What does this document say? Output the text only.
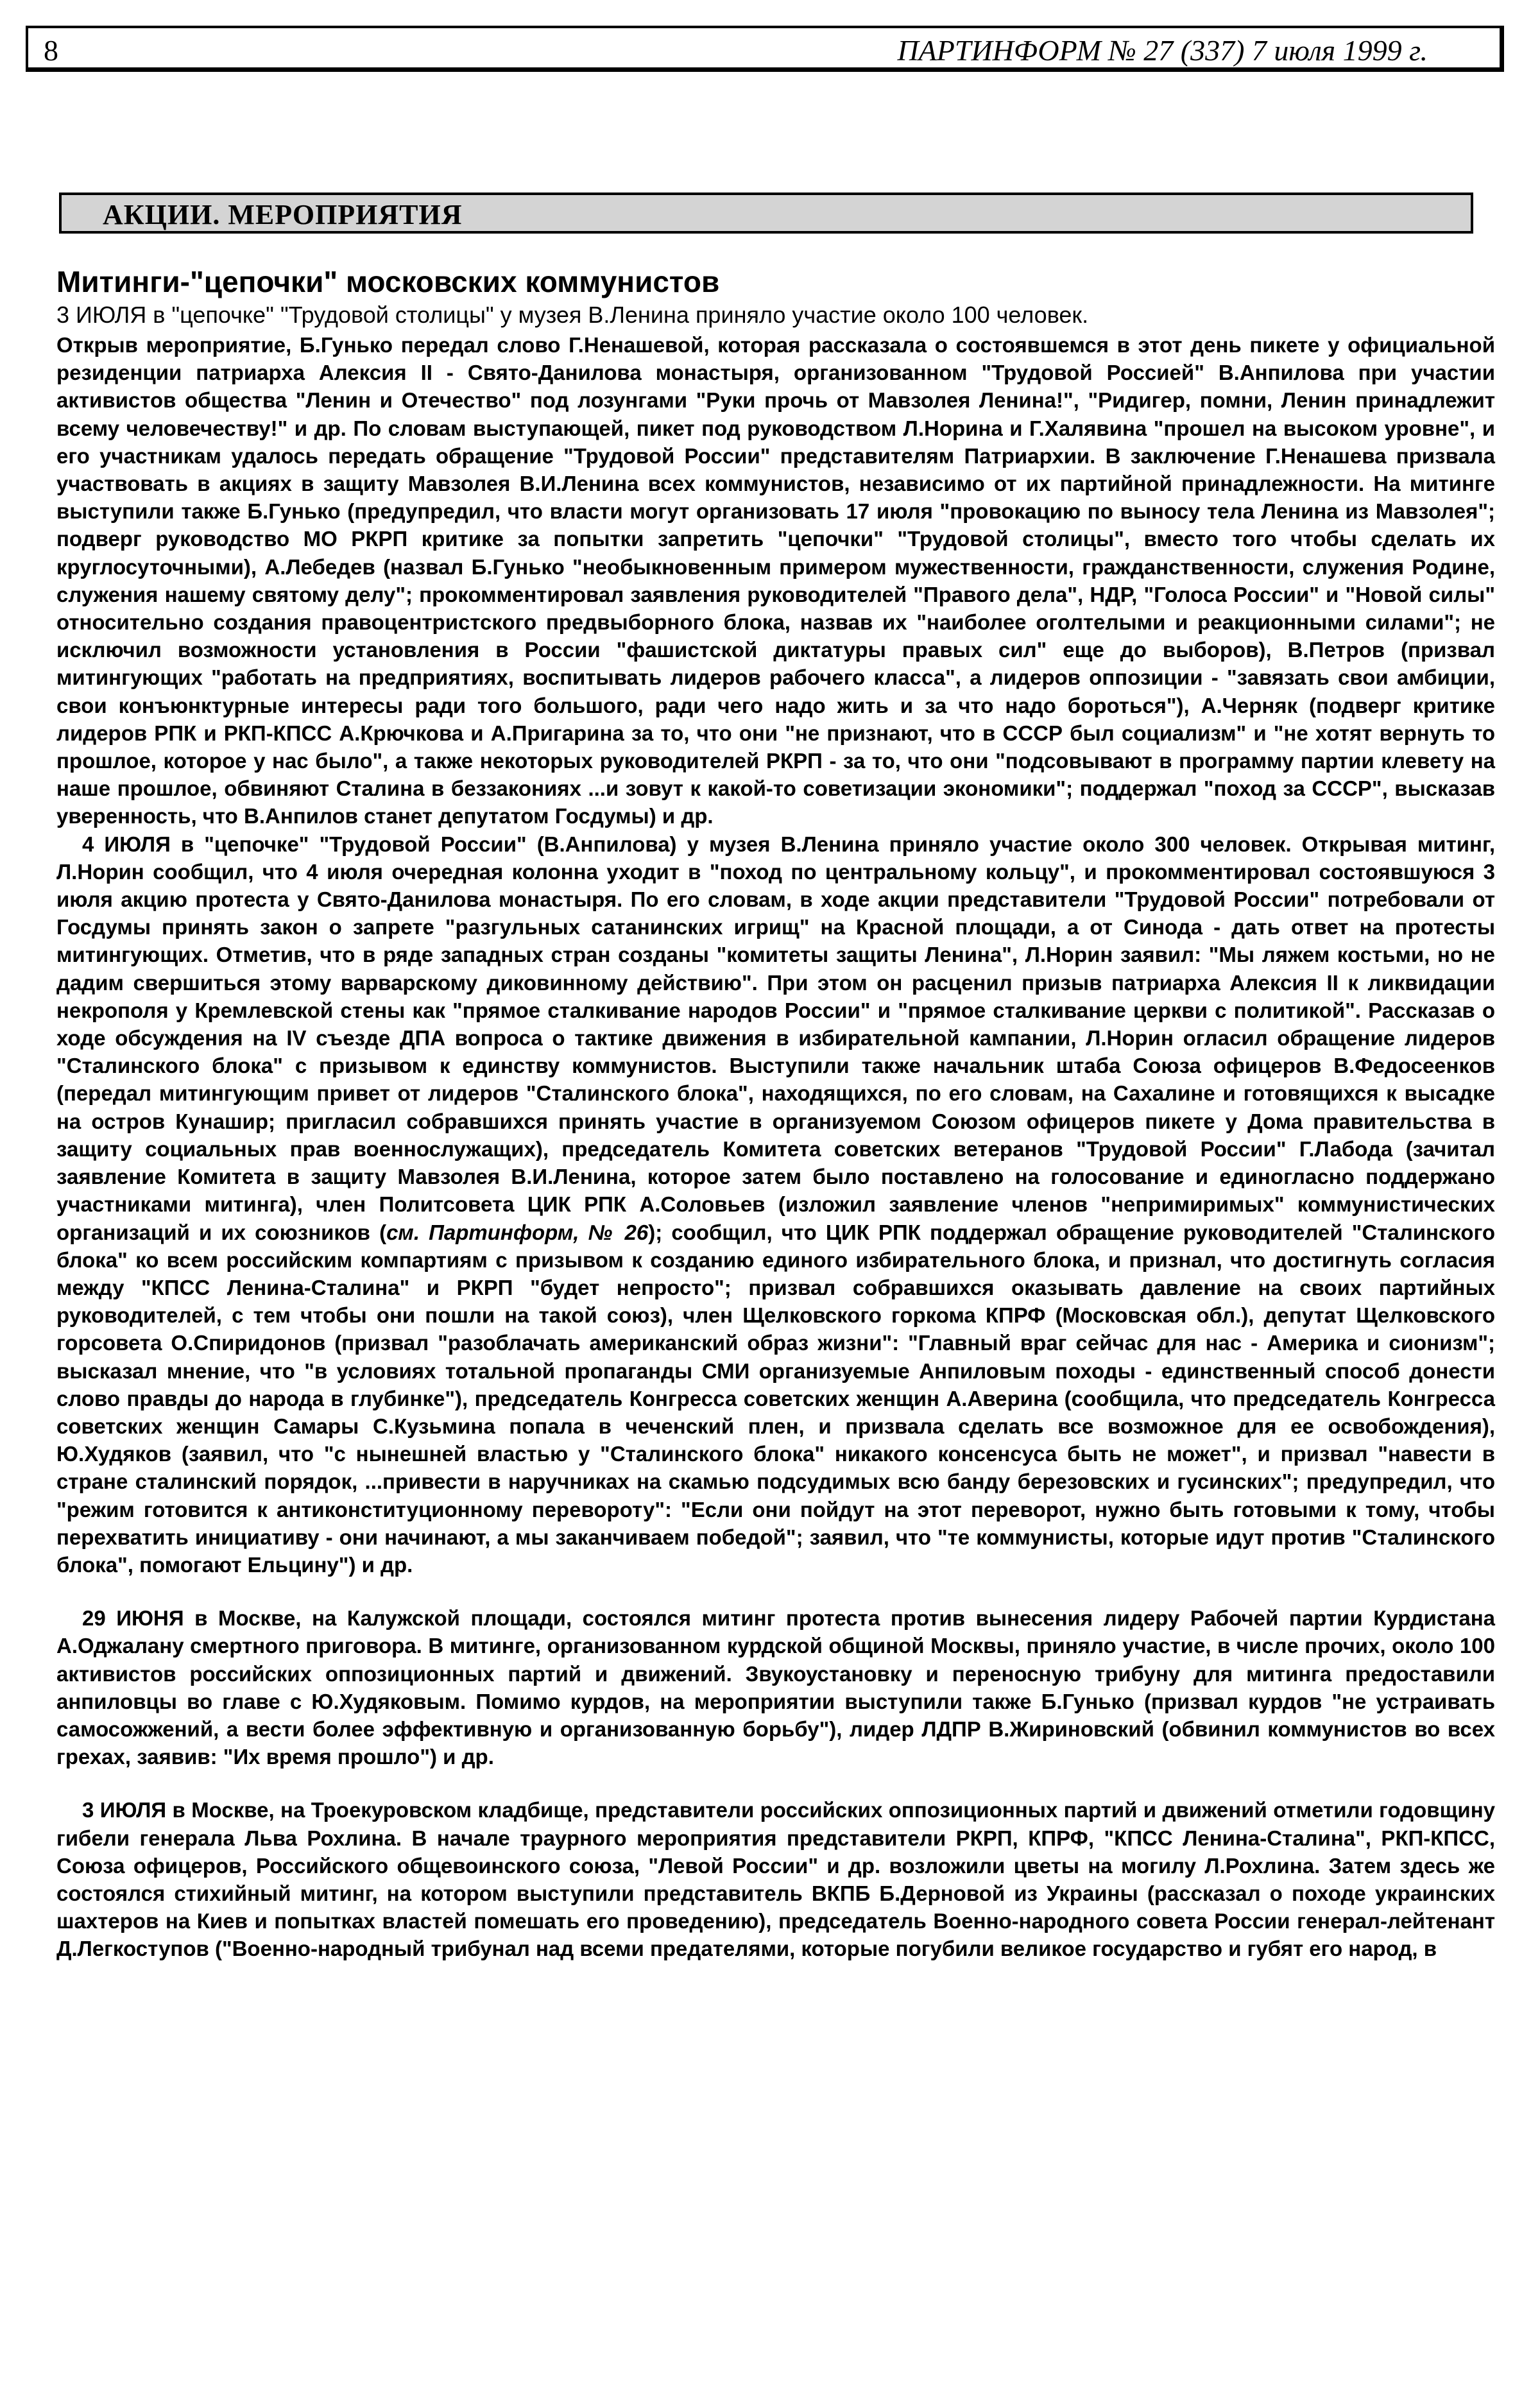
8	ПАРТИНФОРМ № 27 (337) 7 июля 1999 г.
АКЦИИ. МЕРОПРИЯТИЯ
Митинги-"цепочки" московских коммунистов

3 ИЮЛЯ в "цепочке" "Трудовой столицы" у музея В.Ленина приняло участие около 100 человек.

Открыв мероприятие, Б.Гунько передал слово Г.Ненашевой, которая рассказала о состоявшемся в этот день пикете у официальной резиденции патриарха Алексия II - Свято-Данилова монастыря, организованном "Трудовой Россией" В.Анпилова при участии активистов общества "Ленин и Отечество" под лозунгами "Руки прочь от Мавзолея Ленина!", "Ридигер, помни, Ленин принадлежит всему человечеству!" и др. По словам выступающей, пикет под руководством Л.Норина и Г.Халявина "прошел на высоком уровне", и его участникам удалось передать обращение "Трудовой России" представителям Патриархии. В заключение Г.Ненашева призвала участвовать в акциях в защиту Мавзолея В.И.Ленина всех коммунистов, независимо от их партийной принадлежности. На митинге выступили также Б.Гунько (предупредил, что власти могут организовать 17 июля "провокацию по выносу тела Ленина из Мавзолея"; подверг руководство МО РКРП критике за попытки запретить "цепочки" "Трудовой столицы", вместо того чтобы сделать их круглосуточными), А.Лебедев (назвал Б.Гунько "необыкновенным примером мужественности, гражданственности, служения Родине, служения нашему святому делу"; прокомментировал заявления руководителей "Правого дела", НДР, "Голоса России" и "Новой силы" относительно создания правоцентристского предвыборного блока, назвав их "наиболее оголтелыми и реакционными силами"; не исключил возможности установления в России "фашистской диктатуры правых сил" еще до выборов), В.Петров (призвал митингующих "работать на предприятиях, воспитывать лидеров рабочего класса", а лидеров оппозиции - "завязать свои амбиции, свои конъюнктурные интересы ради того большого, ради чего надо жить и за что надо бороться"), А.Черняк (подверг критике лидеров РПК и РКП-КПСС А.Крючкова и А.Пригарина за то, что они "не признают, что в СССР был социализм" и "не хотят вернуть то прошлое, которое у нас было", а также некоторых руководителей РКРП - за то, что они "подсовывают в программу партии клевету на наше прошлое, обвиняют Сталина в беззакониях ...и зовут к какой-то советизации экономики"; поддержал "поход за СССР", высказав уверенность, что В.Анпилов станет депутатом Госдумы) и др.

4 ИЮЛЯ в "цепочке" "Трудовой России" (В.Анпилова) у музея В.Ленина приняло участие около 300 человек. Открывая митинг, Л.Норин сообщил, что 4 июля очередная колонна уходит в "поход по центральному кольцу", и прокомментировал состоявшуюся 3 июля акцию протеста у Свято-Данилова монастыря. По его словам, в ходе акции представители "Трудовой России" потребовали от Госдумы принять закон о запрете "разгульных сатанинских игрищ" на Красной площади, а от Синода - дать ответ на протесты митингующих. Отметив, что в ряде западных стран созданы "комитеты защиты Ленина", Л.Норин заявил: "Мы ляжем костьми, но не дадим свершиться этому варварскому диковинному действию". При этом он расценил призыв патриарха Алексия II к ликвидации некрополя у Кремлевской стены как "прямое сталкивание народов России" и "прямое сталкивание церкви с политикой". Рассказав о ходе обсуждения на IV съезде ДПА вопроса о тактике движения в избирательной кампании, Л.Норин огласил обращение лидеров "Сталинского блока" с призывом к единству коммунистов. Выступили также начальник штаба Союза офицеров В.Федосеенков (передал митингующим привет от лидеров "Сталинского блока", находящихся, по его словам, на Сахалине и готовящихся к высадке на остров Кунашир; пригласил собравшихся принять участие в организуемом Союзом офицеров пикете у Дома правительства в защиту социальных прав военнослужащих), председатель Комитета советских ветеранов "Трудовой России" Г.Лабода (зачитал заявление Комитета в защиту Мавзолея В.И.Ленина, которое затем было поставлено на голосование и единогласно поддержано участниками митинга), член Политсовета ЦИК РПК А.Соловьев (изложил заявление членов "непримиримых" коммунистических организаций и их союзников (см. Партинформ, № 26); сообщил, что ЦИК РПК поддержал обращение руководителей "Сталинского блока" ко всем российским компартиям с призывом к созданию единого избирательного блока, и признал, что достигнуть согласия между "КПСС Ленина-Сталина" и РКРП "будет непросто"; призвал собравшихся оказывать давление на своих партийных руководителей, с тем чтобы они пошли на такой союз), член Щелковского горкома КПРФ (Московская обл.), депутат Щелковского горсовета О.Спиридонов (призвал "разоблачать американский образ жизни": "Главный враг сейчас для нас - Америка и сионизм"; высказал мнение, что "в условиях тотальной пропаганды СМИ организуемые Анпиловым походы - единственный способ донести слово правды до народа в глубинке"), председатель Конгресса советских женщин А.Аверина (сообщила, что председатель Конгресса советских женщин Самары С.Кузьмина попала в чеченский плен, и призвала сделать все возможное для ее освобождения), Ю.Худяков (заявил, что "с нынешней властью у "Сталинского блока" никакого консенсуса быть не может", и призвал "навести в стране сталинский порядок, ...привести в наручниках на скамью подсудимых всю банду березовских и гусинских"; предупредил, что "режим готовится к антиконституционному перевороту": "Если они пойдут на этот переворот, нужно быть готовыми к тому, чтобы перехватить инициативу - они начинают, а мы заканчиваем победой"; заявил, что "те коммунисты, которые идут против "Сталинского блока", помогают Ельцину") и др.

29 ИЮНЯ в Москве, на Калужской площади, состоялся митинг протеста против вынесения лидеру Рабочей партии Курдистана А.Оджалану смертного приговора. В митинге, организованном курдской общиной Москвы, приняло участие, в числе прочих, около 100 активистов российских оппозиционных партий и движений. Звукоустановку и переносную трибуну для митинга предоставили анпиловцы во главе с Ю.Худяковым. Помимо курдов, на мероприятии выступили также Б.Гунько (призвал курдов "не устраивать самосожжений, а вести более эффективную и организованную борьбу"), лидер ЛДПР В.Жириновский (обвинил коммунистов во всех грехах, заявив: "Их время прошло") и др.

3 ИЮЛЯ в Москве, на Троекуровском кладбище, представители российских оппозиционных партий и движений отметили годовщину гибели генерала Льва Рохлина. В начале траурного мероприятия представители РКРП, КПРФ, "КПСС Ленина-Сталина", РКП-КПСС, Союза офицеров, Российского общевоинского союза, "Левой России" и др. возложили цветы на могилу Л.Рохлина. Затем здесь же состоялся стихийный митинг, на котором выступили представитель ВКПБ Б.Дерновой из Украины (рассказал о походе украинских шахтеров на Киев и попытках властей помешать его проведению), председатель Военно-народного совета России генерал-лейтенант Д.Легкоступов ("Военно-народный трибунал над всеми предателями, которые погубили великое государство и губят его народ, в
